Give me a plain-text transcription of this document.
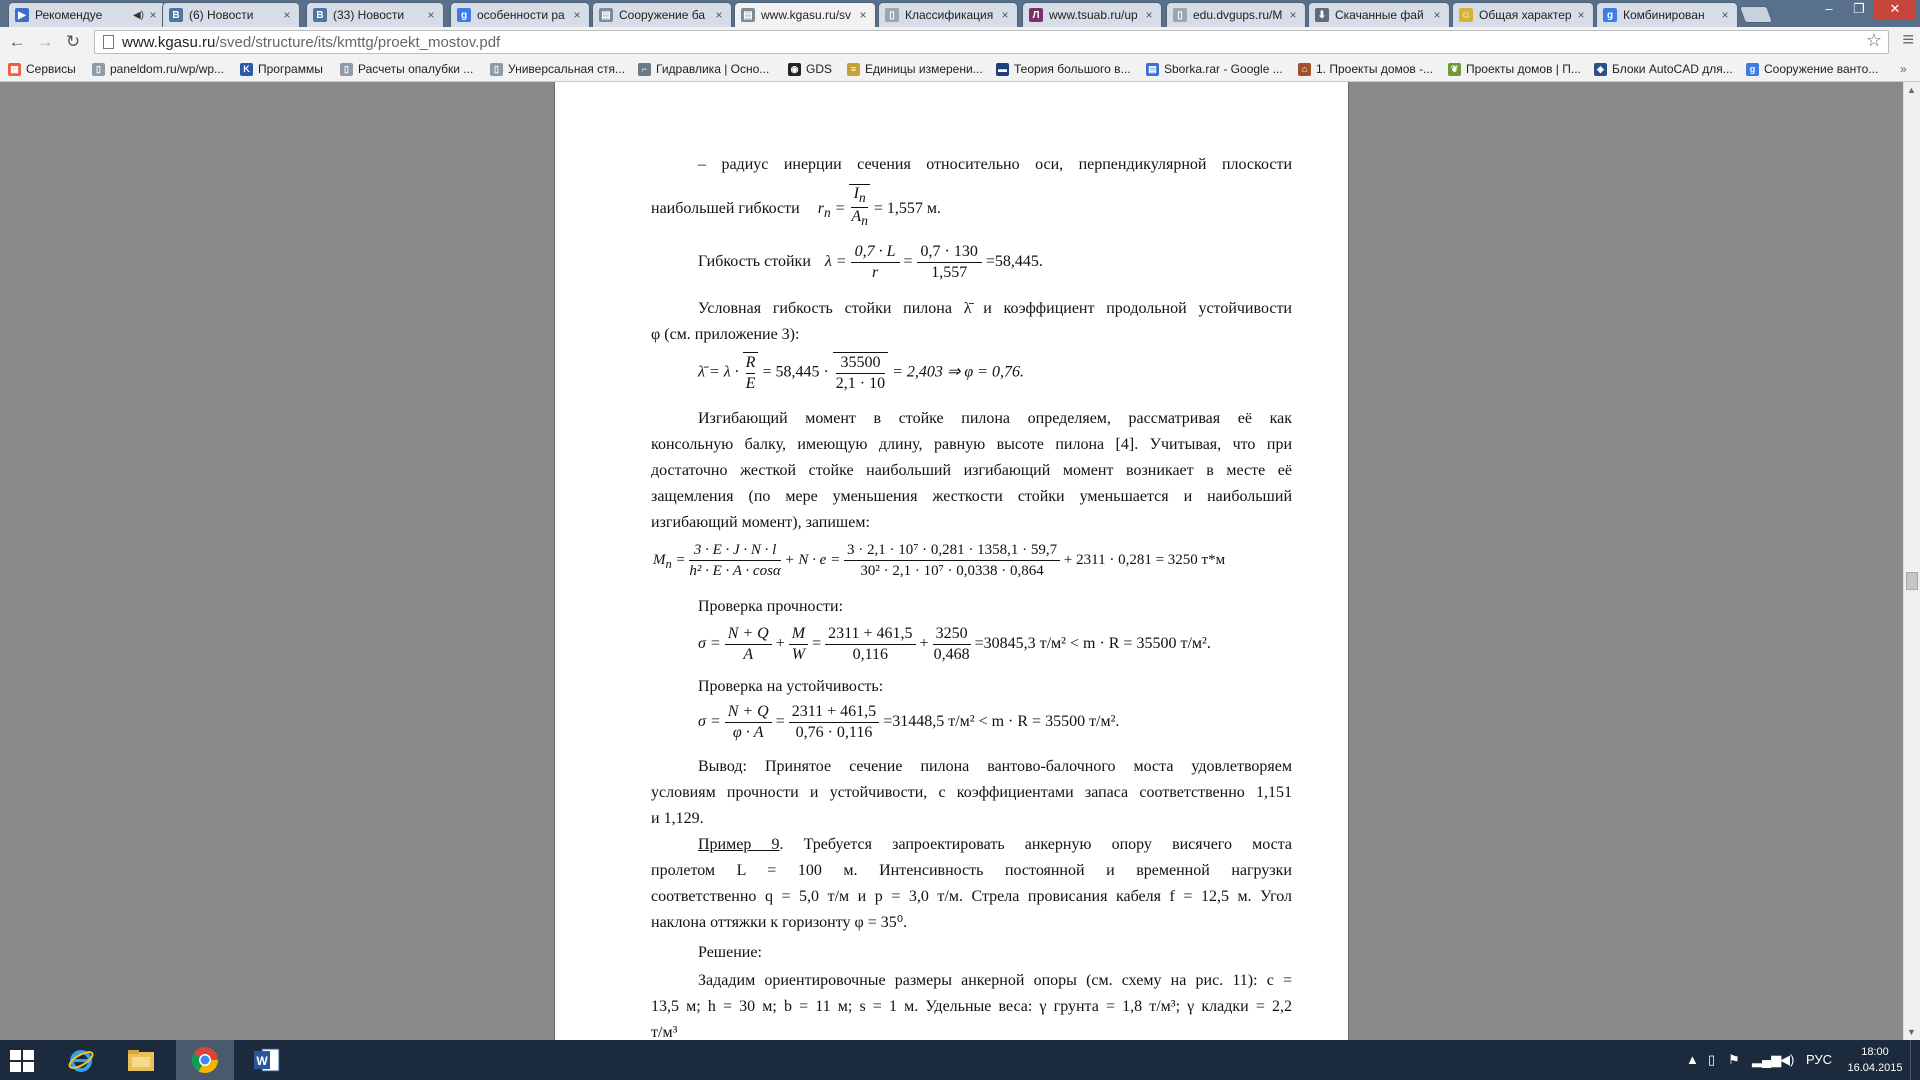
▶ Рекомендуе	◀) ×	В (6) Новости	×	В (33) Новости	×	g особенности ра × ▤ Сооружение ба × ▤ www.kgasu.ru/sv ×	▯ Классификация ×	Л www.tsuab.ru/up ×	▯ edu.dvgups.ru/M × ⬇ Скачанные фай × ☺ Общая характер ×	g Комбинирован	×	–	❐	✕
← → ↻	www.kgasu.ru/sved/structure/its/kmttg/proekt_mostov.pdf	☆ ≡
▦ Сервисы	▯ paneldom.ru/wp/wp...	K Программы	▯ Расчеты опалубки ...	▯ Универсальная стя...	⌐ Гидравлика | Осно... ◉ GDS	≡ Единицы измерени... ▬ Теория большого в... ▤ Sborka.rar - Google ...	⌂ 1. Проекты домов -...	❦ Проекты домов | П...	◈ Блоки AutoCAD для...	g Сооружение ванто... »
– радиус инерции сечения относительно оси, перпендикулярной плоскости
наибольшей гибкости $r_n = \frac{I_n}{A_n} = 1,557$ м.
Гибкость стойки $\lambda = \frac{0,7 \cdot L}{r} = \frac{0,7 \cdot 130}{1,557} =58,445$.
Условная гибкость стойки пилона λ̄ и коэффициент продольной устойчивости
φ (см. приложение 3):
λ̄ = $\lambda \cdot \frac{R}{E} = 58,445 \cdot \frac{35500}{2,1 \cdot 10} = 2,403$ ⇒ φ = 0,76.
Изгибающий момент в стойке пилона определяем, рассматривая её как
консольную балку, имеющую длину, равную высоте пилона [4]. Учитывая, что при
достаточно жесткой стойке наибольший изгибающий момент возникает в месте её
защемления (по мере уменьшения жесткости стойки уменьшается и наибольший
изгибающий момент), запишем:
$M_n = \frac{3 \cdot E \cdot J \cdot N \cdot l}{\text{h² · E · A · cosα}} + N \cdot e = \frac{\text{3 · 2,1 · 10⁷ · 0,281 · 1358,1 · 59,7}}{\text{30² · 2,1 · 10⁷ · 0,0338 · 0,864}} + 2311 \cdot 0,281 = 3250$ т*м
Проверка прочности:
$\sigma = \frac{N + Q}{A} + \frac{M}{W} = \frac{2311 + 461,5}{0,116} + \frac{3250}{0,468} =30845,3$ т/м² < m · R = 35500 т/м².
Проверка на устойчивость:
$\sigma = \frac{N + Q}{\varphi \cdot A} = \frac{2311 + 461,5}{0,76 \cdot 0,116} =31448,5$ т/м² < m · R = 35500 т/м².
Вывод: Принятое сечение пилона вантово-балочного моста удовлетворяем
условиям прочности и устойчивости, с коэффициентами запаса соответственно 1,151
и 1,129.
Пример 9. Требуется запроектировать анкерную опору висячего моста
пролетом L = 100 м. Интенсивность постоянной и временной нагрузки
соответственно q = 5,0 т/м и p = 3,0 т/м. Стрела провисания кабеля f = 12,5 м. Угол
наклона оттяжки к горизонту φ = 35⁰.
Решение:
Зададим ориентировочные размеры анкерной опоры (см. схему на рис. 11): c =
13,5 м; h = 30 м; b = 11 м; s = 1 м. Удельные веса: γ грунта = 1,8 т/м³; γ кладки = 2,2
т/м³
▲
▼
W	▲ ▯ ⚑ ▂▄▆
◀) РУС	18:00
16.04.2015
